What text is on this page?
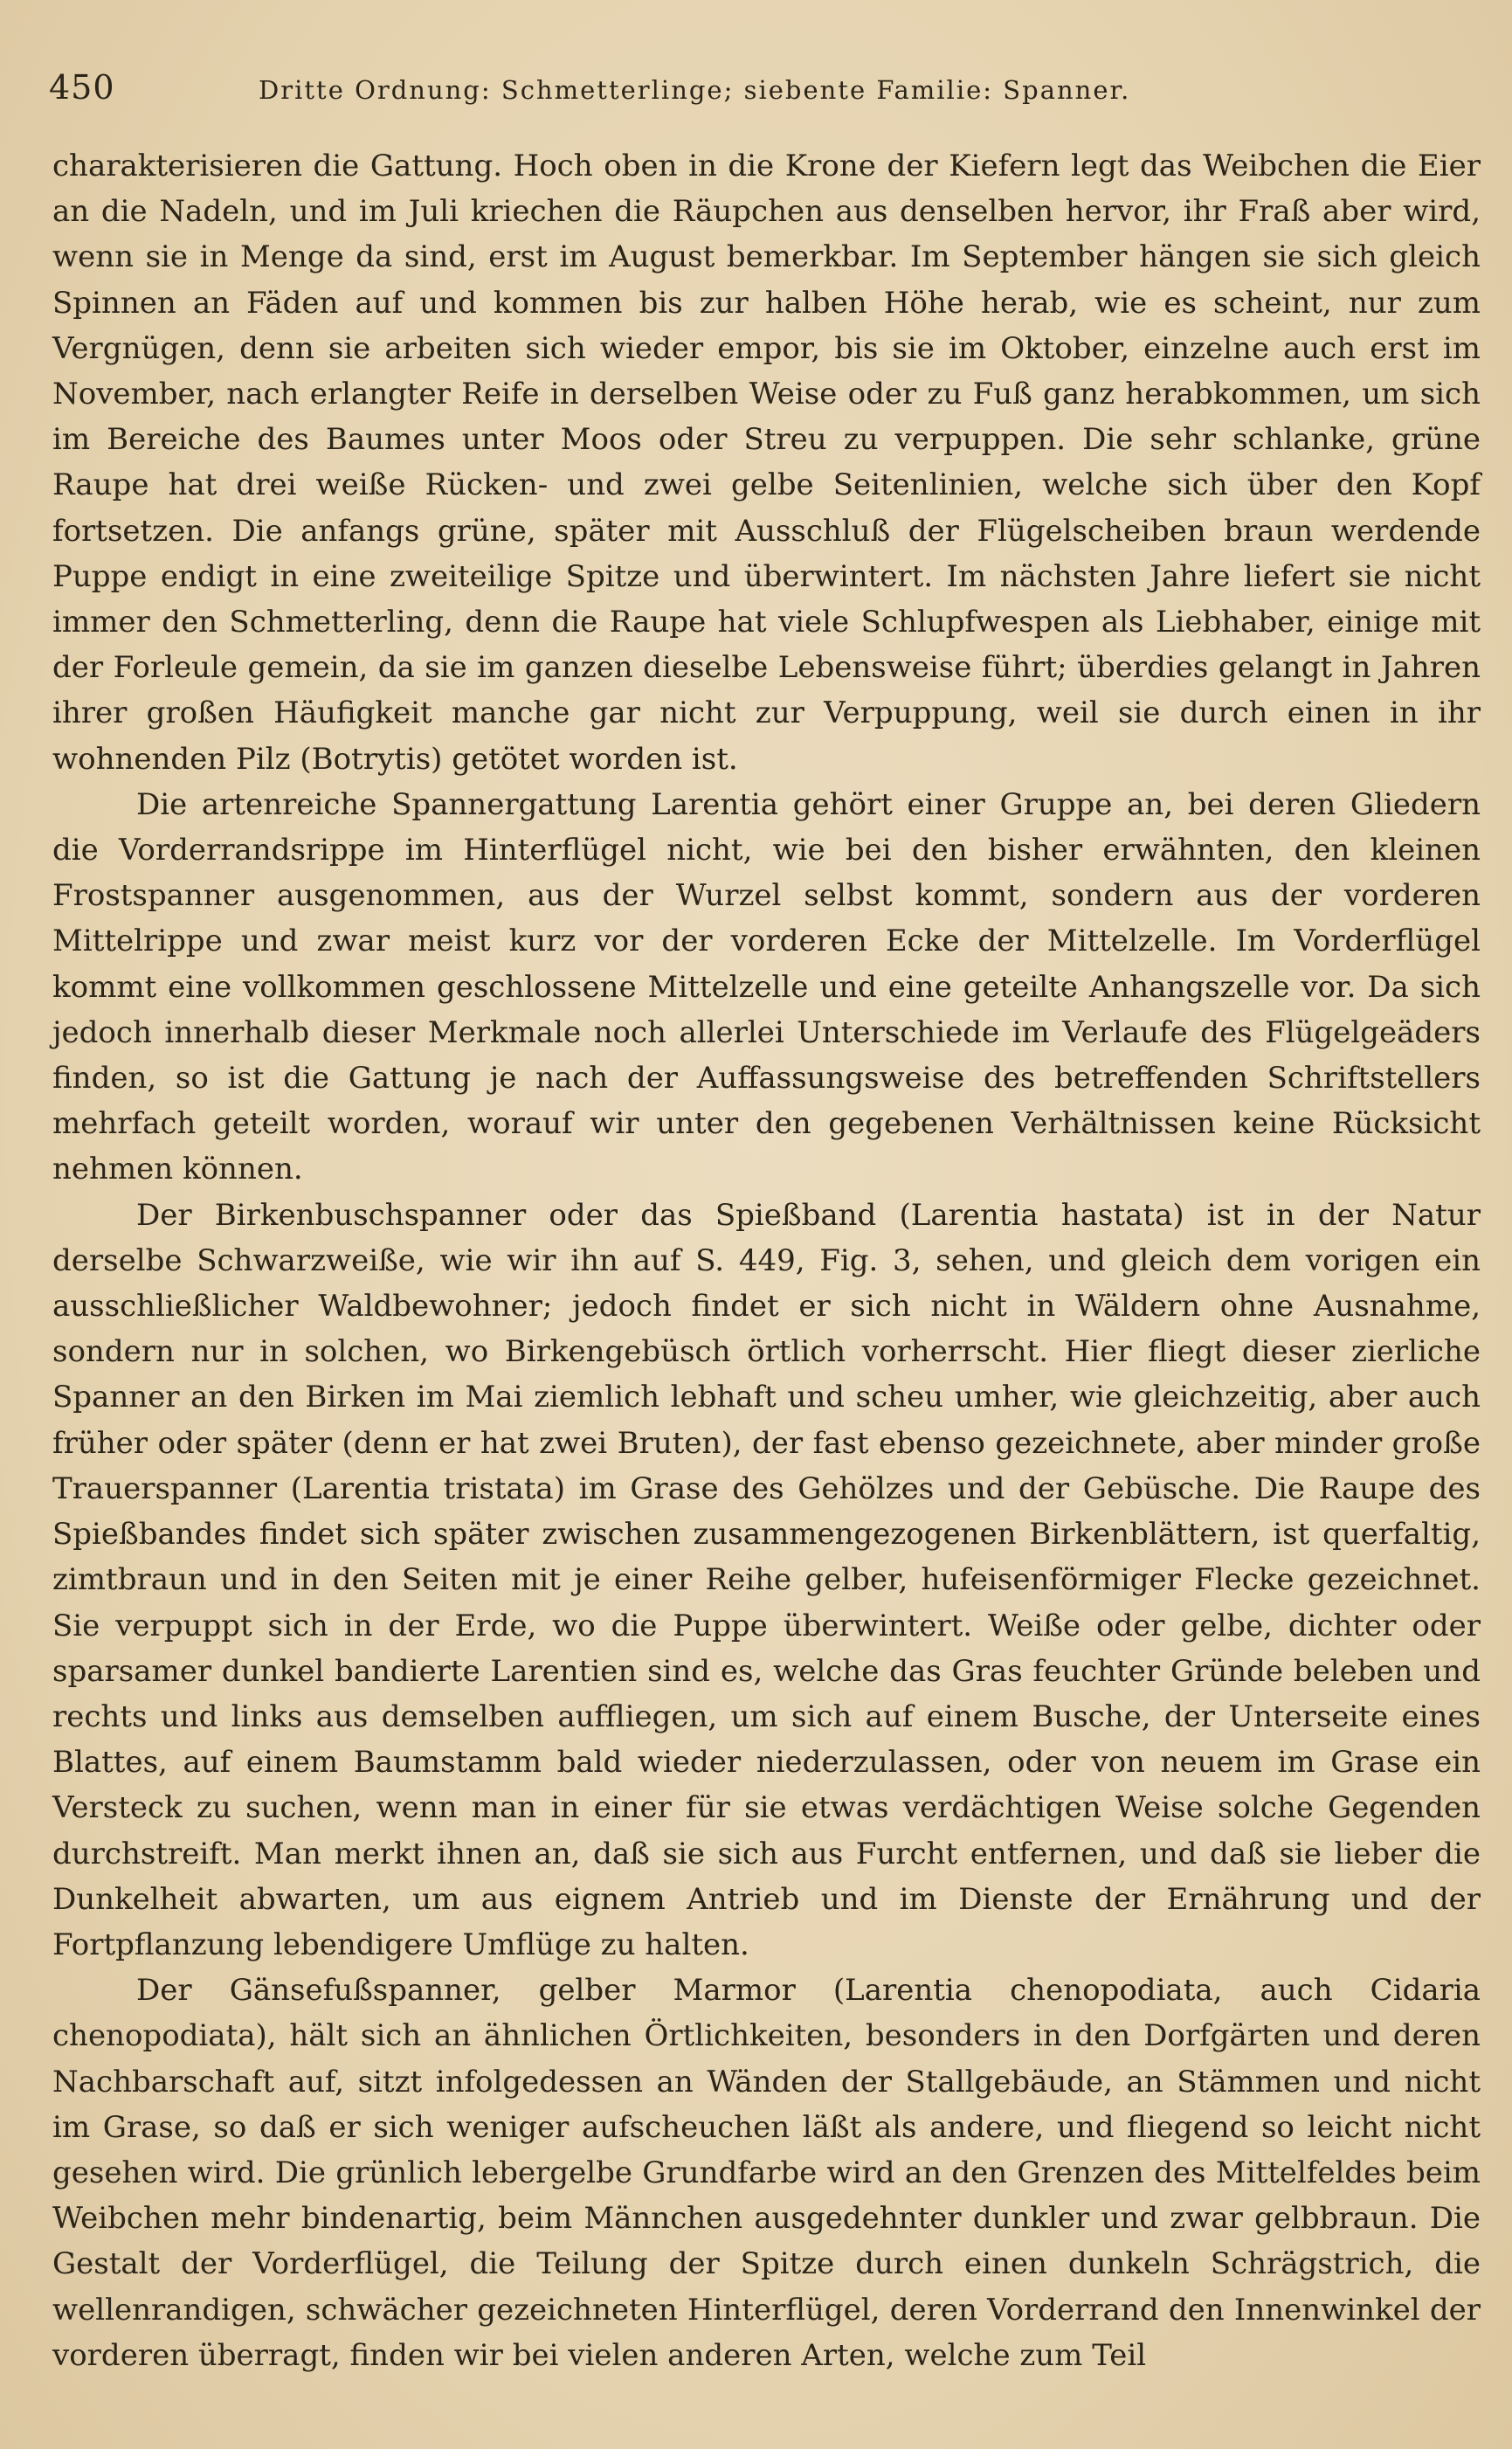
450	Dritte Ordnung: Schmetterlinge; siebente Familie: Spanner.

charakterisieren die Gattung. Hoch oben in die Krone der Kiefern legt das Weibchen die Eier an die Nadeln, und im Juli kriechen die Räupchen aus denselben hervor, ihr Fraß aber wird, wenn sie in Menge da sind, erst im August bemerkbar. Im September hängen sie sich gleich Spinnen an Fäden auf und kommen bis zur halben Höhe herab, wie es scheint, nur zum Vergnügen, denn sie arbeiten sich wieder empor, bis sie im Oktober, einzelne auch erst im November, nach erlangter Reife in derselben Weise oder zu Fuß ganz herabkommen, um sich im Bereiche des Baumes unter Moos oder Streu zu verpuppen. Die sehr schlanke, grüne Raupe hat drei weiße Rücken- und zwei gelbe Seitenlinien, welche sich über den Kopf fortsetzen. Die anfangs grüne, später mit Ausschluß der Flügelscheiben braun werdende Puppe endigt in eine zweiteilige Spitze und überwintert. Im nächsten Jahre liefert sie nicht immer den Schmetterling, denn die Raupe hat viele Schlupfwespen als Liebhaber, einige mit der Forleule gemein, da sie im ganzen dieselbe Lebensweise führt; überdies gelangt in Jahren ihrer großen Häufigkeit manche gar nicht zur Verpuppung, weil sie durch einen in ihr wohnenden Pilz (Botrytis) getötet worden ist.

Die artenreiche Spannergattung Larentia gehört einer Gruppe an, bei deren Gliedern die Vorderrandsrippe im Hinterflügel nicht, wie bei den bisher erwähnten, den kleinen Frostspanner ausgenommen, aus der Wurzel selbst kommt, sondern aus der vorderen Mittelrippe und zwar meist kurz vor der vorderen Ecke der Mittelzelle. Im Vorderflügel kommt eine vollkommen geschlossene Mittelzelle und eine geteilte Anhangszelle vor. Da sich jedoch innerhalb dieser Merkmale noch allerlei Unterschiede im Verlaufe des Flügelgeäders finden, so ist die Gattung je nach der Auffassungsweise des betreffenden Schriftstellers mehrfach geteilt worden, worauf wir unter den gegebenen Verhältnissen keine Rücksicht nehmen können.

Der Birkenbuschspanner oder das Spießband (Larentia hastata) ist in der Natur derselbe Schwarzweiße, wie wir ihn auf S. 449, Fig. 3, sehen, und gleich dem vorigen ein ausschließlicher Waldbewohner; jedoch findet er sich nicht in Wäldern ohne Ausnahme, sondern nur in solchen, wo Birkengebüsch örtlich vorherrscht. Hier fliegt dieser zierliche Spanner an den Birken im Mai ziemlich lebhaft und scheu umher, wie gleichzeitig, aber auch früher oder später (denn er hat zwei Bruten), der fast ebenso gezeichnete, aber minder große Trauerspanner (Larentia tristata) im Grase des Gehölzes und der Gebüsche. Die Raupe des Spießbandes findet sich später zwischen zusammengezogenen Birkenblättern, ist querfaltig, zimtbraun und in den Seiten mit je einer Reihe gelber, hufeisenförmiger Flecke gezeichnet. Sie verpuppt sich in der Erde, wo die Puppe überwintert. Weiße oder gelbe, dichter oder sparsamer dunkel bandierte Larentien sind es, welche das Gras feuchter Gründe beleben und rechts und links aus demselben auffliegen, um sich auf einem Busche, der Unterseite eines Blattes, auf einem Baumstamm bald wieder niederzulassen, oder von neuem im Grase ein Versteck zu suchen, wenn man in einer für sie etwas verdächtigen Weise solche Gegenden durchstreift. Man merkt ihnen an, daß sie sich aus Furcht entfernen, und daß sie lieber die Dunkelheit abwarten, um aus eignem Antrieb und im Dienste der Ernährung und der Fortpflanzung lebendigere Umflüge zu halten.

Der Gänsefußspanner, gelber Marmor (Larentia chenopodiata, auch Cidaria chenopodiata), hält sich an ähnlichen Örtlichkeiten, besonders in den Dorfgärten und deren Nachbarschaft auf, sitzt infolgedessen an Wänden der Stallgebäude, an Stämmen und nicht im Grase, so daß er sich weniger aufscheuchen läßt als andere, und fliegend so leicht nicht gesehen wird. Die grünlich lebergelbe Grundfarbe wird an den Grenzen des Mittelfeldes beim Weibchen mehr bindenartig, beim Männchen ausgedehnter dunkler und zwar gelbbraun. Die Gestalt der Vorderflügel, die Teilung der Spitze durch einen dunkeln Schrägstrich, die wellenrandigen, schwächer gezeichneten Hinterflügel, deren Vorderrand den Innenwinkel der vorderen überragt, finden wir bei vielen anderen Arten, welche zum Teil
